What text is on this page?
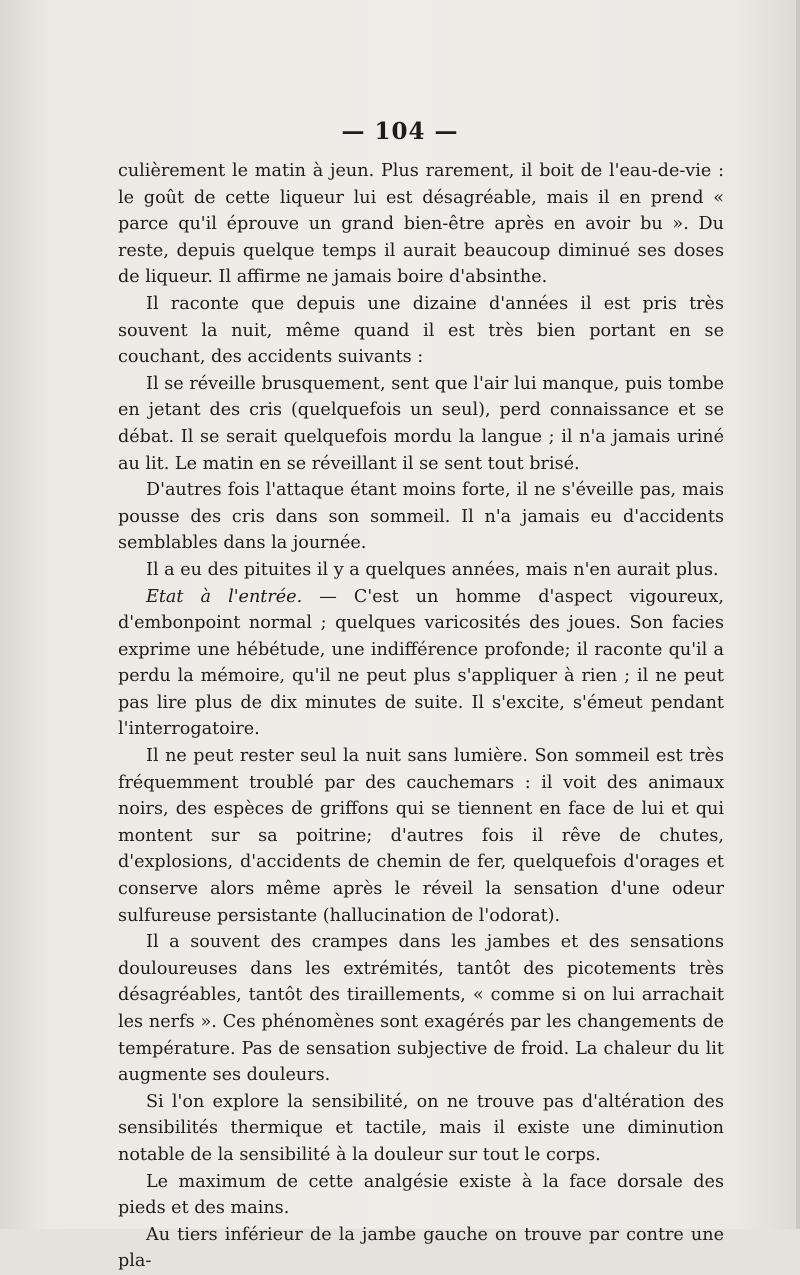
— 104 —

culièrement le matin à jeun. Plus rarement, il boit de l'eau-de-vie : le goût de cette liqueur lui est désagréable, mais il en prend « parce qu'il éprouve un grand bien-être après en avoir bu ». Du reste, depuis quelque temps il aurait beaucoup diminué ses doses de liqueur. Il affirme ne jamais boire d'absinthe.

Il raconte que depuis une dizaine d'années il est pris très souvent la nuit, même quand il est très bien portant en se couchant, des accidents suivants :

Il se réveille brusquement, sent que l'air lui manque, puis tombe en jetant des cris (quelquefois un seul), perd connaissance et se débat. Il se serait quelquefois mordu la langue ; il n'a jamais uriné au lit. Le matin en se réveillant il se sent tout brisé.

D'autres fois l'attaque étant moins forte, il ne s'éveille pas, mais pousse des cris dans son sommeil. Il n'a jamais eu d'accidents semblables dans la journée.

Il a eu des pituites il y a quelques années, mais n'en aurait plus.

Etat à l'entrée. — C'est un homme d'aspect vigoureux, d'embonpoint normal ; quelques varicosités des joues. Son facies exprime une hébétude, une indifférence profonde; il raconte qu'il a perdu la mémoire, qu'il ne peut plus s'appliquer à rien ; il ne peut pas lire plus de dix minutes de suite. Il s'excite, s'émeut pendant l'interrogatoire.

Il ne peut rester seul la nuit sans lumière. Son sommeil est très fréquemment troublé par des cauchemars : il voit des animaux noirs, des espèces de griffons qui se tiennent en face de lui et qui montent sur sa poitrine; d'autres fois il rêve de chutes, d'explosions, d'accidents de chemin de fer, quelquefois d'orages et conserve alors même après le réveil la sensation d'une odeur sulfureuse persistante (hallucination de l'odorat).

Il a souvent des crampes dans les jambes et des sensations douloureuses dans les extrémités, tantôt des picotements très désagréables, tantôt des tiraillements, « comme si on lui arrachait les nerfs ». Ces phénomènes sont exagérés par les changements de température. Pas de sensation subjective de froid. La chaleur du lit augmente ses douleurs.

Si l'on explore la sensibilité, on ne trouve pas d'altération des sensibilités thermique et tactile, mais il existe une diminution notable de la sensibilité à la douleur sur tout le corps.

Le maximum de cette analgésie existe à la face dorsale des pieds et des mains.

Au tiers inférieur de la jambe gauche on trouve par contre une pla-
